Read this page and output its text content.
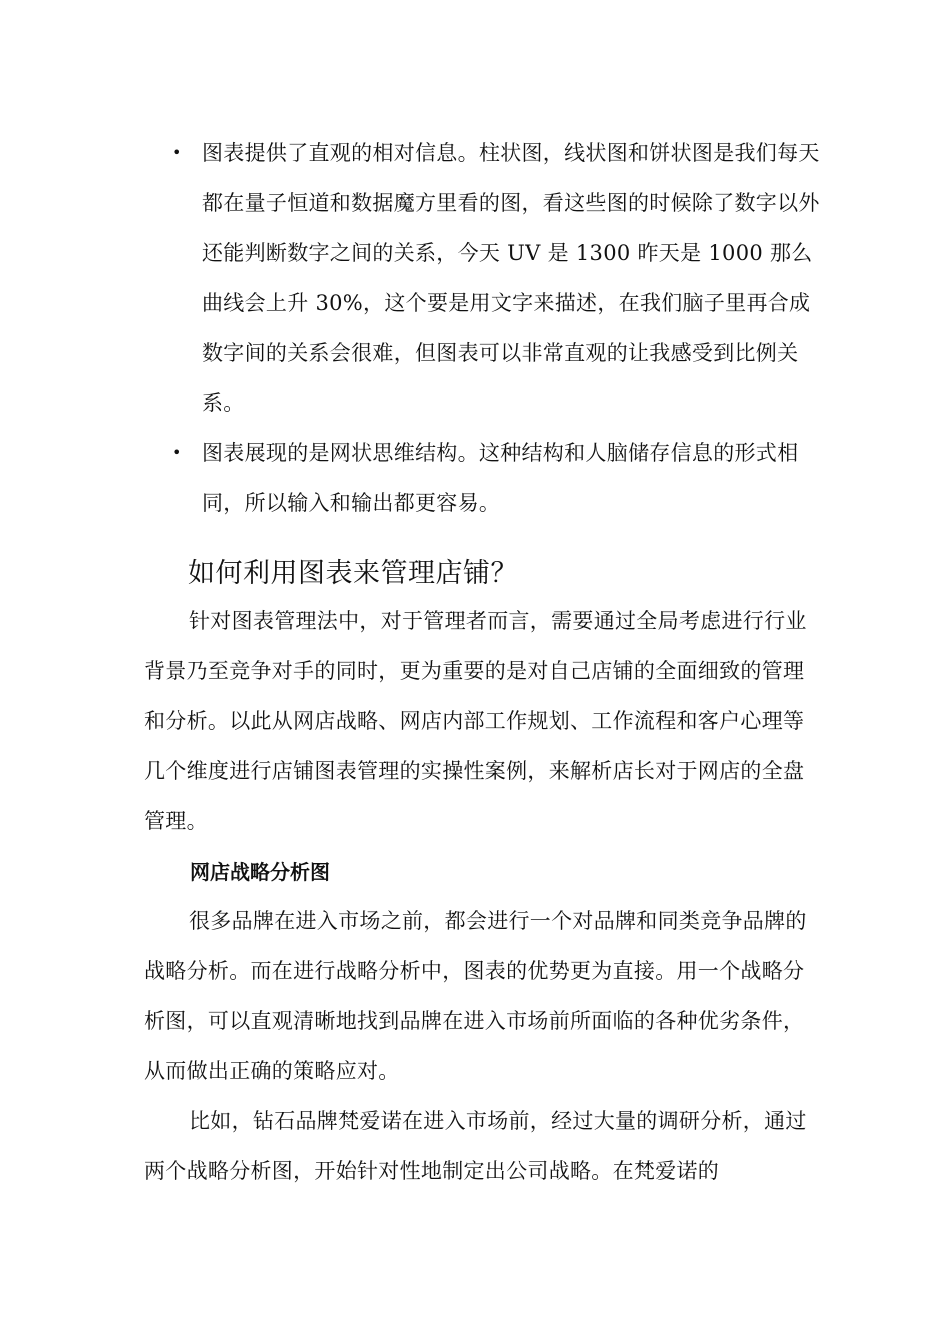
• 图表提供了直观的相对信息。柱状图，线状图和饼状图是我们每天都在量子恒道和数据魔方里看的图，看这些图的时候除了数字以外还能判断数字之间的关系，今天 UV 是 1300 昨天是 1000 那么曲线会上升 30%，这个要是用文字来描述，在我们脑子里再合成数字间的关系会很难，但图表可以非常直观的让我感受到比例关系。
• 图表展现的是网状思维结构。这种结构和人脑储存信息的形式相同，所以输入和输出都更容易。
如何利用图表来管理店铺？

针对图表管理法中，对于管理者而言，需要通过全局考虑进行行业背景乃至竞争对手的同时，更为重要的是对自己店铺的全面细致的管理和分析。以此从网店战略、网店内部工作规划、工作流程和客户心理等几个维度进行店铺图表管理的实操性案例，来解析店长对于网店的全盘管理。

网店战略分析图

很多品牌在进入市场之前，都会进行一个对品牌和同类竞争品牌的战略分析。而在进行战略分析中，图表的优势更为直接。用一个战略分析图，可以直观清晰地找到品牌在进入市场前所面临的各种优劣条件，从而做出正确的策略应对。

比如，钻石品牌梵爱诺在进入市场前，经过大量的调研分析，通过两个战略分析图，开始针对性地制定出公司战略。在梵爱诺的
